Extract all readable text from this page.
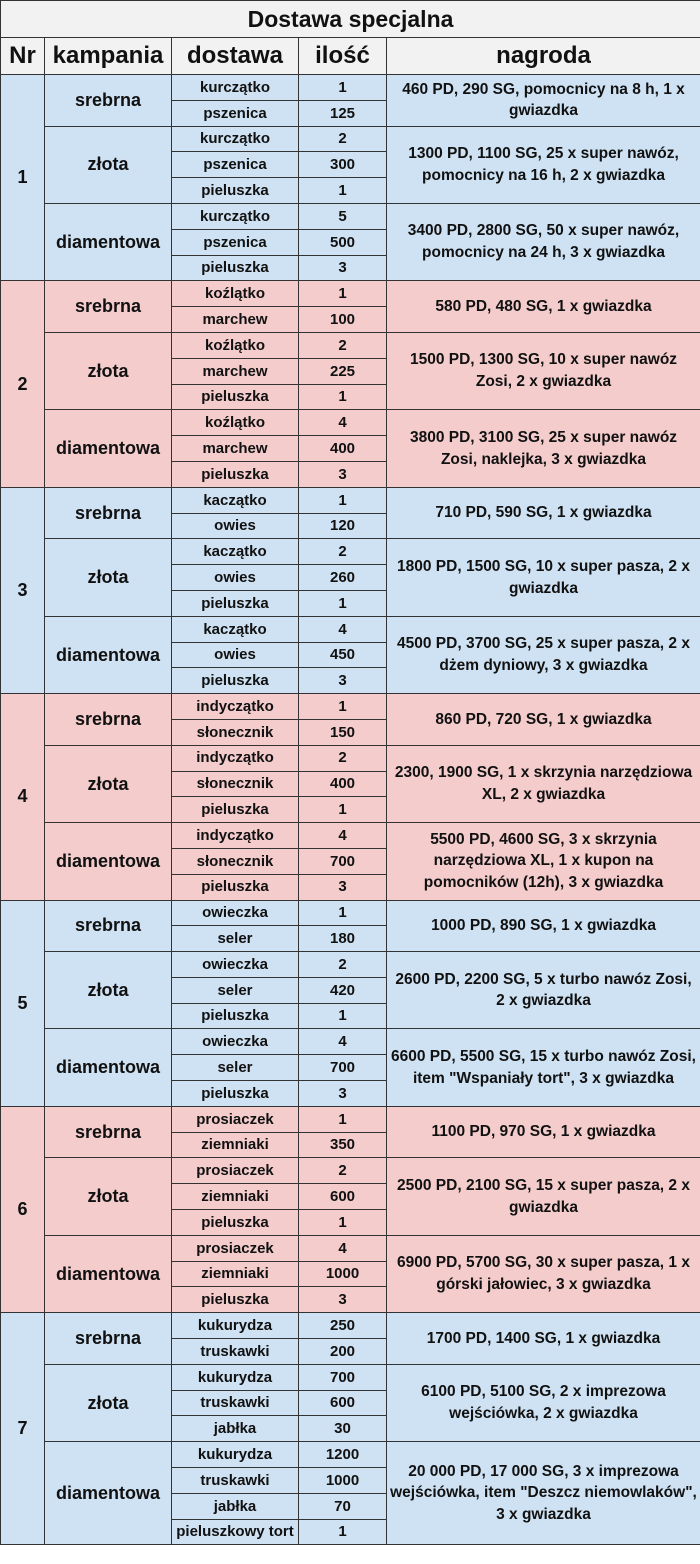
Dostawa specjalna				
Nr	kampania	dostawa	ilość	nagroda
1	srebrna	kurczątko	1	460 PD, 290 SG, pomocnicy na 8 h, 1 x gwiazdka
		pszenica	125	
	złota	kurczątko	2	1300 PD, 1100 SG, 25 x super nawóz, pomocnicy na 16 h, 2 x gwiazdka
		pszenica	300	
		pieluszka	1	
	diamentowa	kurczątko	5	3400 PD, 2800 SG, 50 x super nawóz, pomocnicy na 24 h, 3 x gwiazdka
		pszenica	500	
		pieluszka	3	
2	srebrna	koźlątko	1	580 PD, 480 SG, 1 x gwiazdka
		marchew	100	
	złota	koźlątko	2	1500 PD, 1300 SG, 10 x super nawóz Zosi, 2 x gwiazdka
		marchew	225	
		pieluszka	1	
	diamentowa	koźlątko	4	3800 PD, 3100 SG, 25 x super nawóz Zosi, naklejka, 3 x gwiazdka
		marchew	400	
		pieluszka	3	
3	srebrna	kaczątko	1	710 PD, 590 SG, 1 x gwiazdka
		owies	120	
	złota	kaczątko	2	1800 PD, 1500 SG, 10 x super pasza, 2 x gwiazdka
		owies	260	
		pieluszka	1	
	diamentowa	kaczątko	4	4500 PD, 3700 SG, 25 x super pasza, 2 x dżem dyniowy, 3 x gwiazdka
		owies	450	
		pieluszka	3	
4	srebrna	indyczątko	1	860 PD, 720 SG, 1 x gwiazdka
		słonecznik	150	
	złota	indyczątko	2	2300, 1900 SG, 1 x skrzynia narzędziowa XL, 2 x gwiazdka
		słonecznik	400	
		pieluszka	1	
	diamentowa	indyczątko	4	5500 PD, 4600 SG, 3 x skrzynia narzędziowa XL, 1 x kupon na pomocników (12h), 3 x gwiazdka
		słonecznik	700	
		pieluszka	3	
5	srebrna	owieczka	1	1000 PD, 890 SG, 1 x gwiazdka
		seler	180	
	złota	owieczka	2	2600 PD, 2200 SG, 5 x turbo nawóz Zosi, 2 x gwiazdka
		seler	420	
		pieluszka	1	
	diamentowa	owieczka	4	6600 PD, 5500 SG, 15 x turbo nawóz Zosi, item "Wspaniały tort", 3 x gwiazdka
		seler	700	
		pieluszka	3	
6	srebrna	prosiaczek	1	1100 PD, 970 SG, 1 x gwiazdka
		ziemniaki	350	
	złota	prosiaczek	2	2500 PD, 2100 SG, 15 x super pasza, 2 x gwiazdka
		ziemniaki	600	
		pieluszka	1	
	diamentowa	prosiaczek	4	6900 PD, 5700 SG, 30 x super pasza, 1 x górski jałowiec, 3 x gwiazdka
		ziemniaki	1000	
		pieluszka	3	
7	srebrna	kukurydza	250	1700 PD, 1400 SG, 1 x gwiazdka
		truskawki	200	
	złota	kukurydza	700	6100 PD, 5100 SG, 2 x imprezowa wejściówka, 2 x gwiazdka
		truskawki	600	
		jabłka	30	
	diamentowa	kukurydza	1200	20 000 PD, 17 000 SG, 3 x imprezowa wejściówka, item "Deszcz niemowlaków", 3 x gwiazdka
		truskawki	1000	
		jabłka	70	
		pieluszkowy tort	1	
